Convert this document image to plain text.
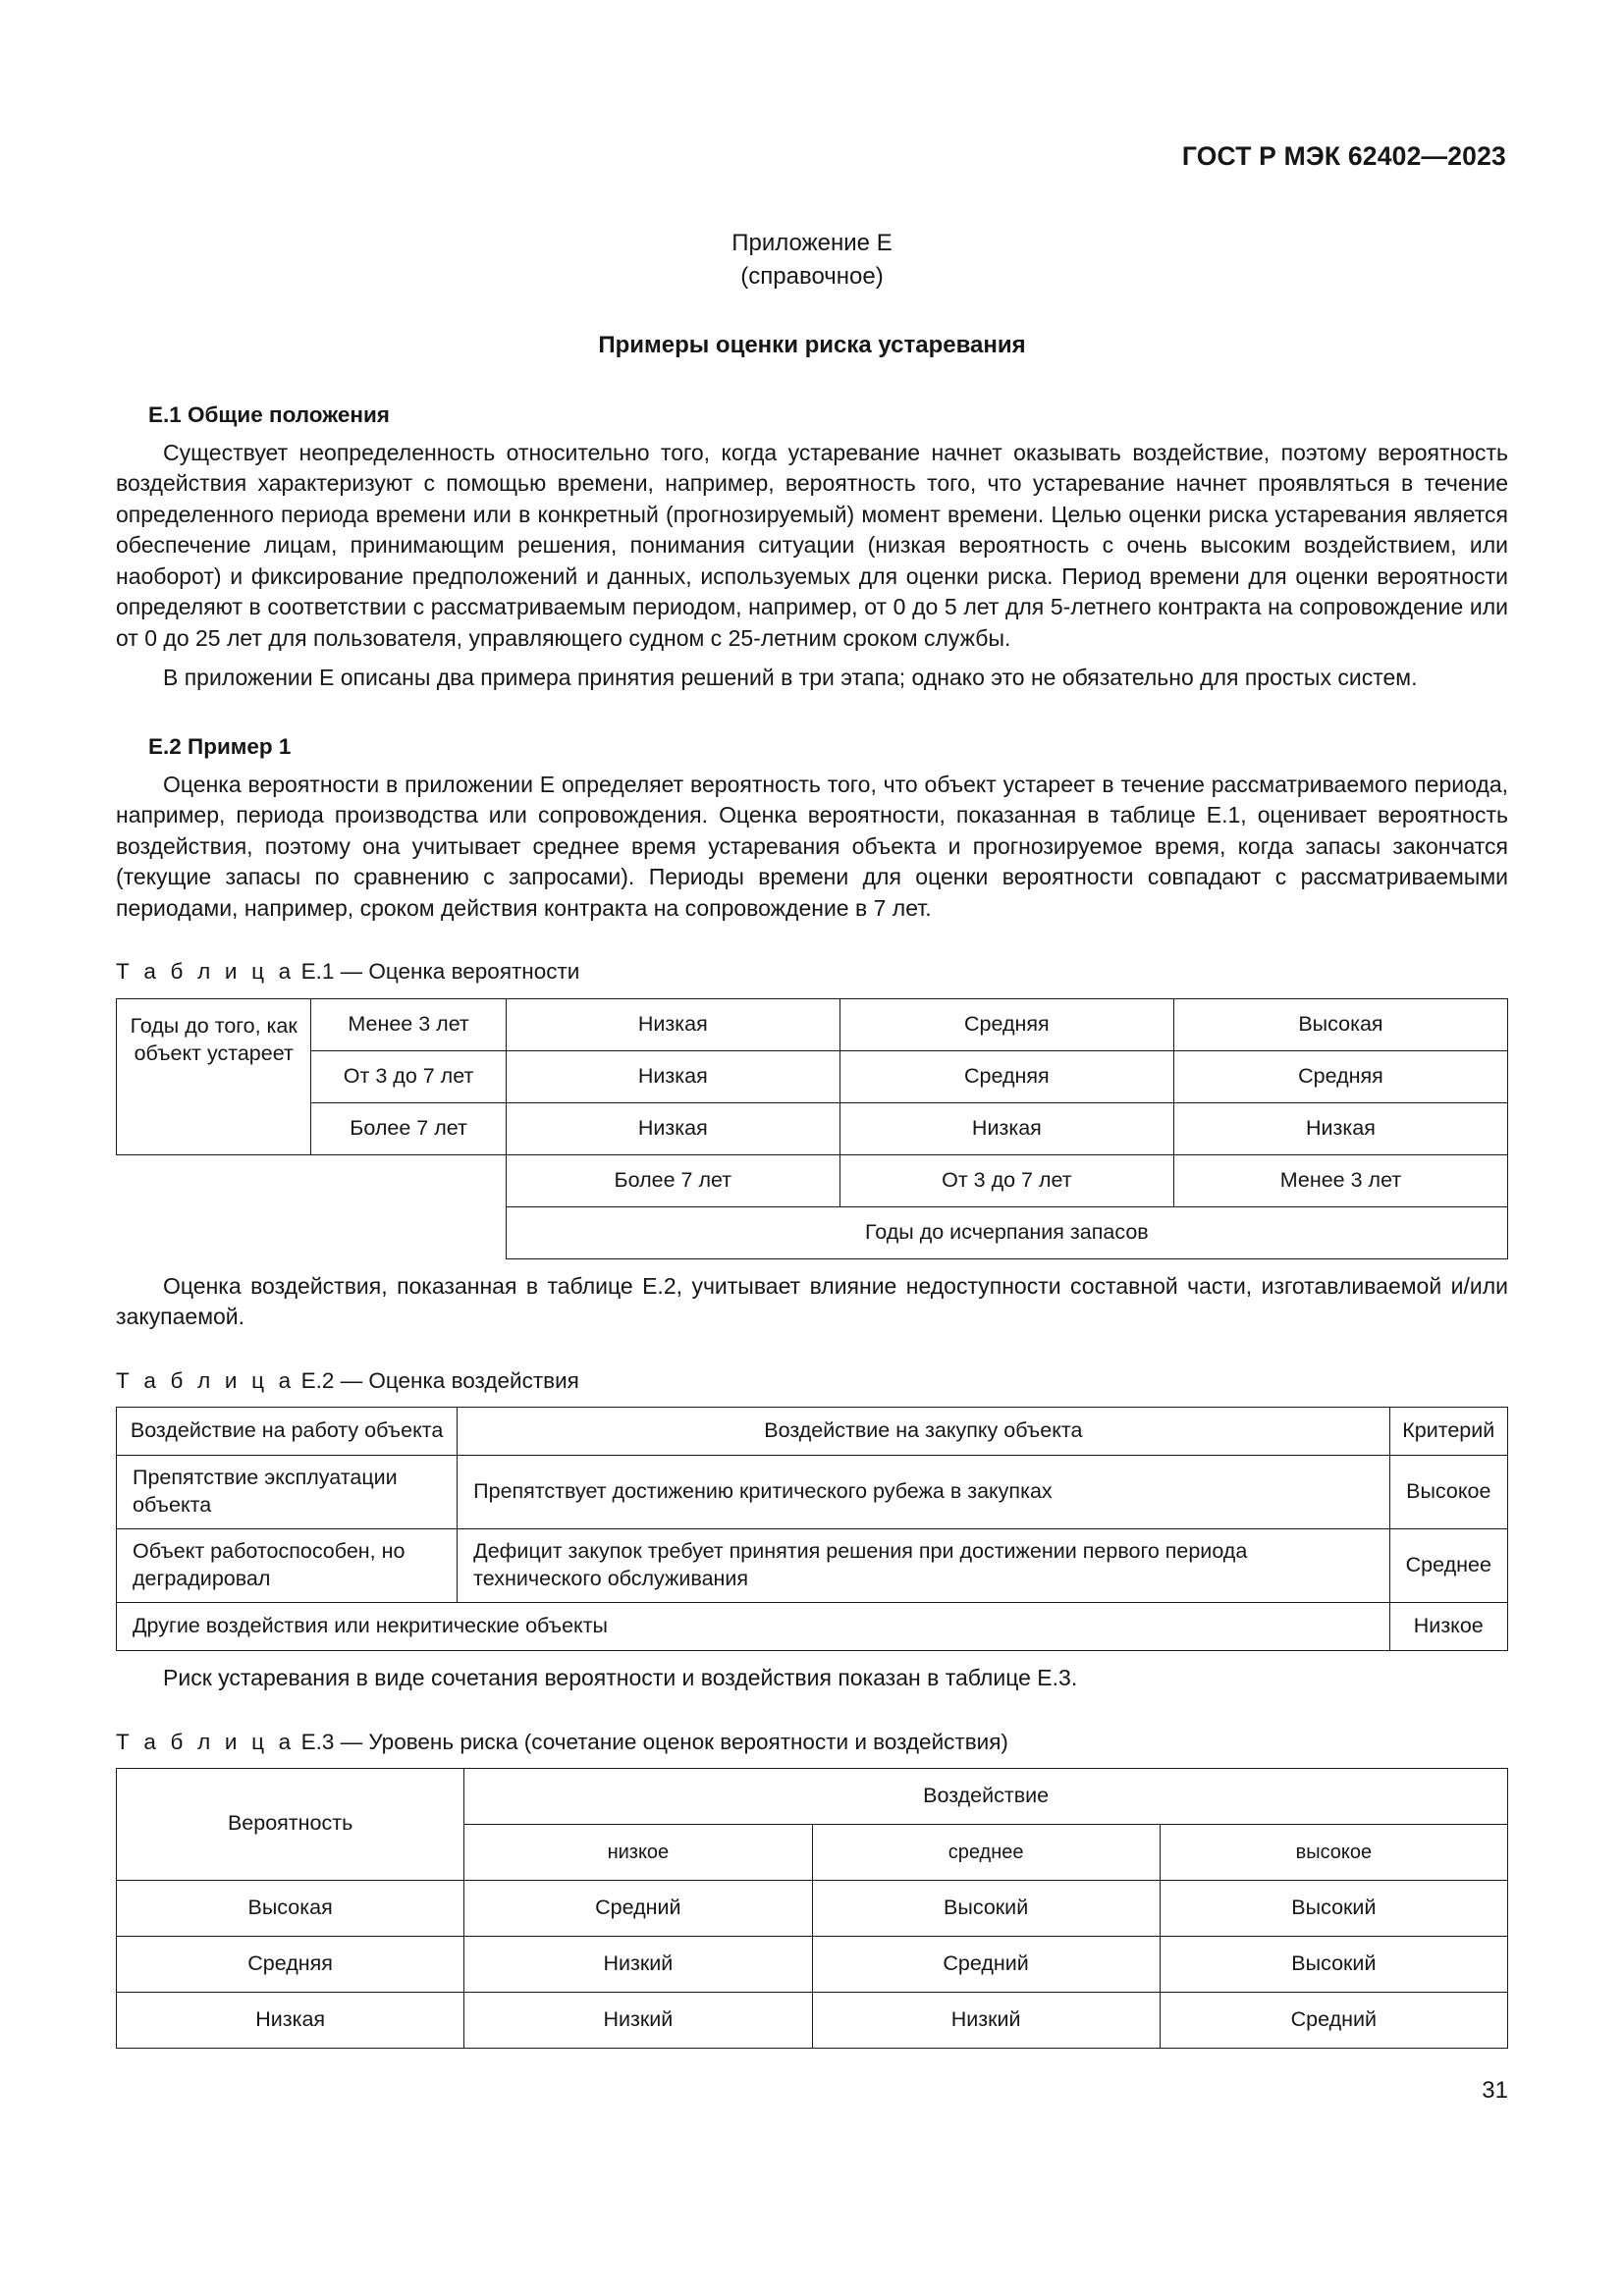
ГОСТ Р МЭК 62402—2023
Приложение Е
(справочное)
Примеры оценки риска устаревания
E.1 Общие положения

Существует неопределенность относительно того, когда устаревание начнет оказывать воздействие, поэтому вероятность воздействия характеризуют с помощью времени, например, вероятность того, что устаревание начнет проявляться в течение определенного периода времени или в конкретный (прогнозируемый) момент времени. Целью оценки риска устаревания является обеспечение лицам, принимающим решения, понимания ситуации (низкая вероятность с очень высоким воздействием, или наоборот) и фиксирование предположений и данных, используемых для оценки риска. Период времени для оценки вероятности определяют в соответствии с рассматриваемым периодом, например, от 0 до 5 лет для 5-летнего контракта на сопровождение или от 0 до 25 лет для пользователя, управляющего судном с 25-летним сроком службы.

В приложении Е описаны два примера принятия решений в три этапа; однако это не обязательно для простых систем.

E.2 Пример 1

Оценка вероятности в приложении Е определяет вероятность того, что объект устареет в течение рассматриваемого периода, например, периода производства или сопровождения. Оценка вероятности, показанная в таблице Е.1, оценивает вероятность воздействия, поэтому она учитывает среднее время устаревания объекта и прогнозируемое время, когда запасы закончатся (текущие запасы по сравнению с запросами). Периоды времени для оценки вероятности совпадают с рассматриваемыми периодами, например, сроком действия контракта на сопровождение в 7 лет.

Т а б л и ц а Е.1 — Оценка вероятности
Годы до того, как объект устареет	Менее 3 лет	Низкая	Средняя	Высокая
	От 3 до 7 лет	Низкая	Средняя	Средняя
	Более 7 лет	Низкая	Низкая	Низкая
		Более 7 лет	От 3 до 7 лет	Менее 3 лет
		Годы до исчерпания запасов		

Оценка воздействия, показанная в таблице Е.2, учитывает влияние недоступности составной части, изготавливаемой и/или закупаемой.

Т а б л и ц а Е.2 — Оценка воздействия
Воздействие на работу объекта	Воздействие на закупку объекта	Критерий
Препятствие эксплуатации объекта	Препятствует достижению критического рубежа в закупках	Высокое
Объект работоспособен, но деградировал	Дефицит закупок требует принятия решения при достижении первого периода технического обслуживания	Среднее
Другие воздействия или некритические объекты		Низкое

Риск устаревания в виде сочетания вероятности и воздействия показан в таблице Е.3.

Т а б л и ц а Е.3 — Уровень риска (сочетание оценок вероятности и воздействия)
Вероятность	Воздействие		
	низкое	среднее	высокое
Высокая	Средний	Высокий	Высокий
Средняя	Низкий	Средний	Высокий
Низкая	Низкий	Низкий	Средний
31
